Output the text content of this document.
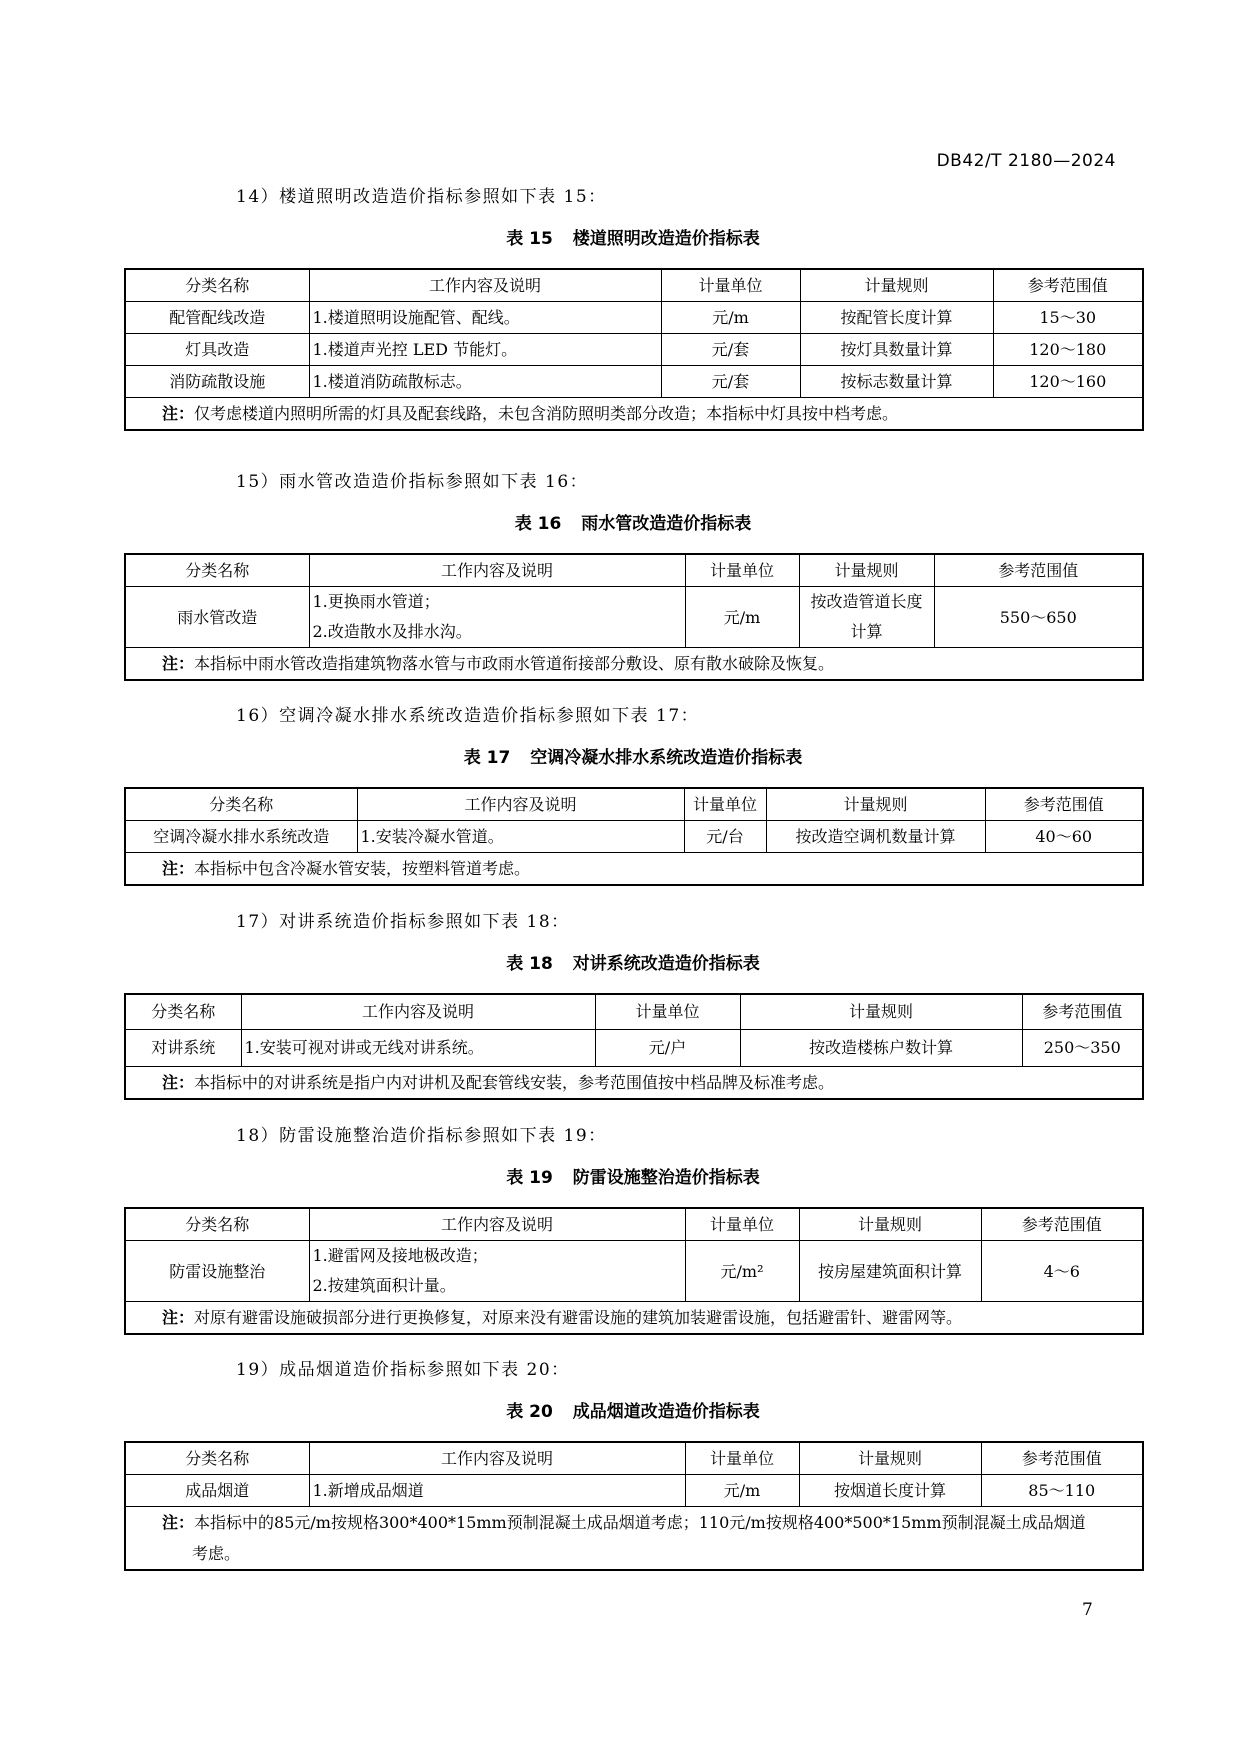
DB42/T 2180—2024
14）楼道照明改造造价指标参照如下表 15：
表 15 楼道照明改造造价指标表
分类名称	工作内容及说明	计量单位	计量规则	参考范围值
配管配线改造	1.楼道照明设施配管、配线。	元/m	按配管长度计算	15～30
灯具改造	1.楼道声光控 LED 节能灯。	元/套	按灯具数量计算	120～180
消防疏散设施	1.楼道消防疏散标志。	元/套	按标志数量计算	120～160
注：仅考虑楼道内照明所需的灯具及配套线路，未包含消防照明类部分改造；本指标中灯具按中档考虑。				
15）雨水管改造造价指标参照如下表 16：
表 16 雨水管改造造价指标表
分类名称	工作内容及说明	计量单位	计量规则	参考范围值
雨水管改造	1.更换雨水管道；
2.改造散水及排水沟。	元/m	按改造管道长度计算	550～650
注：本指标中雨水管改造指建筑物落水管与市政雨水管道衔接部分敷设、原有散水破除及恢复。				
16）空调冷凝水排水系统改造造价指标参照如下表 17：
表 17 空调冷凝水排水系统改造造价指标表
分类名称	工作内容及说明	计量单位	计量规则	参考范围值
空调冷凝水排水系统改造	1.安装冷凝水管道。	元/台	按改造空调机数量计算	40～60
注：本指标中包含冷凝水管安装，按塑料管道考虑。				
17）对讲系统造价指标参照如下表 18：
表 18 对讲系统改造造价指标表
分类名称	工作内容及说明	计量单位	计量规则	参考范围值
对讲系统	1.安装可视对讲或无线对讲系统。	元/户	按改造楼栋户数计算	250～350
注：本指标中的对讲系统是指户内对讲机及配套管线安装，参考范围值按中档品牌及标准考虑。				
18）防雷设施整治造价指标参照如下表 19：
表 19 防雷设施整治造价指标表
分类名称	工作内容及说明	计量单位	计量规则	参考范围值
防雷设施整治	1.避雷网及接地极改造；
2.按建筑面积计量。	元/m²	按房屋建筑面积计算	4～6
注：对原有避雷设施破损部分进行更换修复，对原来没有避雷设施的建筑加装避雷设施，包括避雷针、避雷网等。				
19）成品烟道造价指标参照如下表 20：
表 20 成品烟道改造造价指标表
分类名称	工作内容及说明	计量单位	计量规则	参考范围值
成品烟道	1.新增成品烟道	元/m	按烟道长度计算	85～110
注：本指标中的85元/m按规格300*400*15mm预制混凝土成品烟道考虑；110元/m按规格400*500*15mm预制混凝土成品烟道
考虑。				
7
